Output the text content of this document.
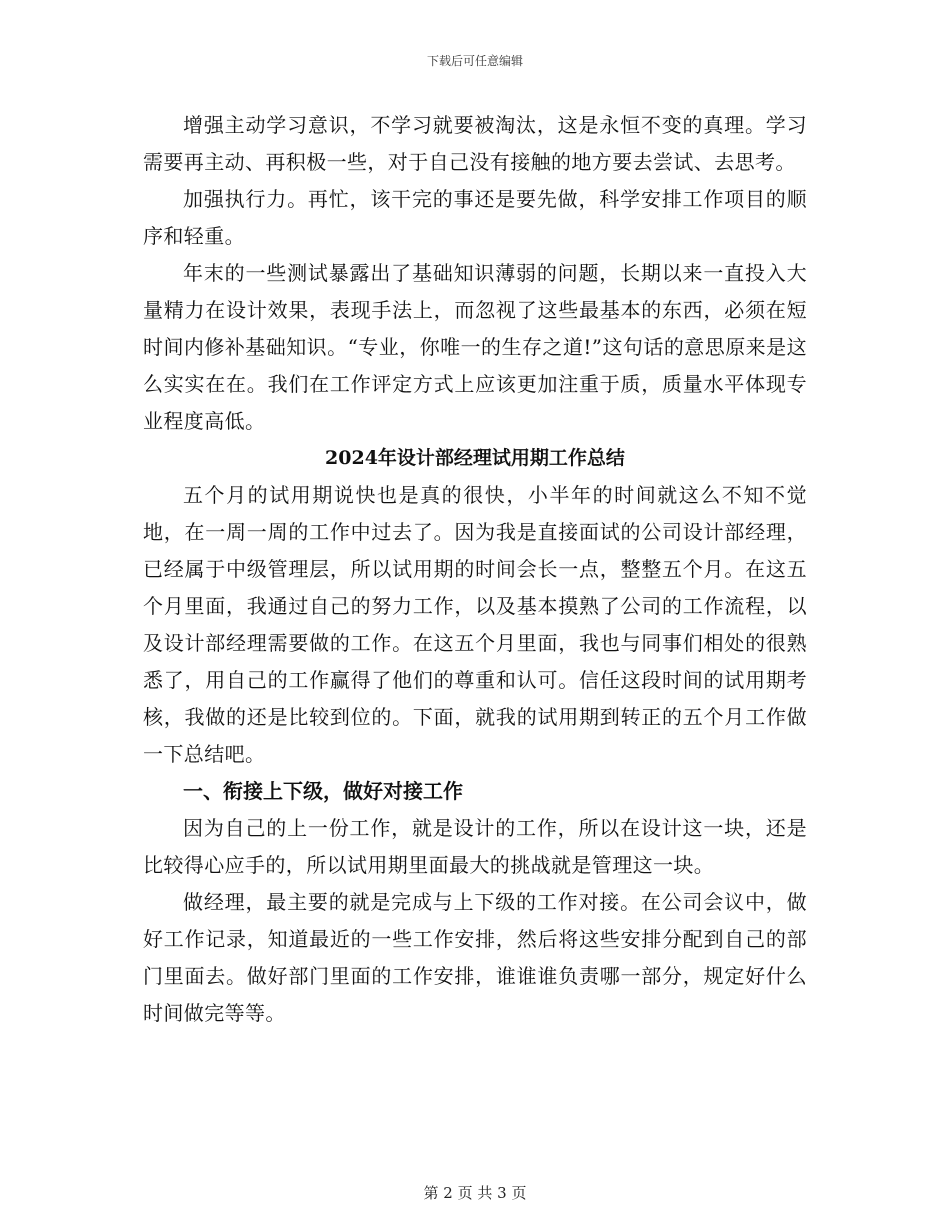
下载后可任意编辑

增强主动学习意识，不学习就要被淘汰，这是永恒不变的真理。学习需要再主动、再积极一些，对于自己没有接触的地方要去尝试、去思考。

加强执行力。再忙，该干完的事还是要先做，科学安排工作项目的顺序和轻重。

年末的一些测试暴露出了基础知识薄弱的问题，长期以来一直投入大量精力在设计效果，表现手法上，而忽视了这些最基本的东西，必须在短时间内修补基础知识。“专业，你唯一的生存之道!”这句话的意思原来是这么实实在在。我们在工作评定方式上应该更加注重于质，质量水平体现专业程度高低。

2024年设计部经理试用期工作总结

五个月的试用期说快也是真的很快，小半年的时间就这么不知不觉地，在一周一周的工作中过去了。因为我是直接面试的公司设计部经理，已经属于中级管理层，所以试用期的时间会长一点，整整五个月。在这五个月里面，我通过自己的努力工作，以及基本摸熟了公司的工作流程，以及设计部经理需要做的工作。在这五个月里面，我也与同事们相处的很熟悉了，用自己的工作赢得了他们的尊重和认可。信任这段时间的试用期考核，我做的还是比较到位的。下面，就我的试用期到转正的五个月工作做一下总结吧。

一、衔接上下级，做好对接工作

因为自己的上一份工作，就是设计的工作，所以在设计这一块，还是比较得心应手的，所以试用期里面最大的挑战就是管理这一块。

做经理，最主要的就是完成与上下级的工作对接。在公司会议中，做好工作记录，知道最近的一些工作安排，然后将这些安排分配到自己的部门里面去。做好部门里面的工作安排，谁谁谁负责哪一部分，规定好什么时间做完等等。

第 2 页 共 3 页
